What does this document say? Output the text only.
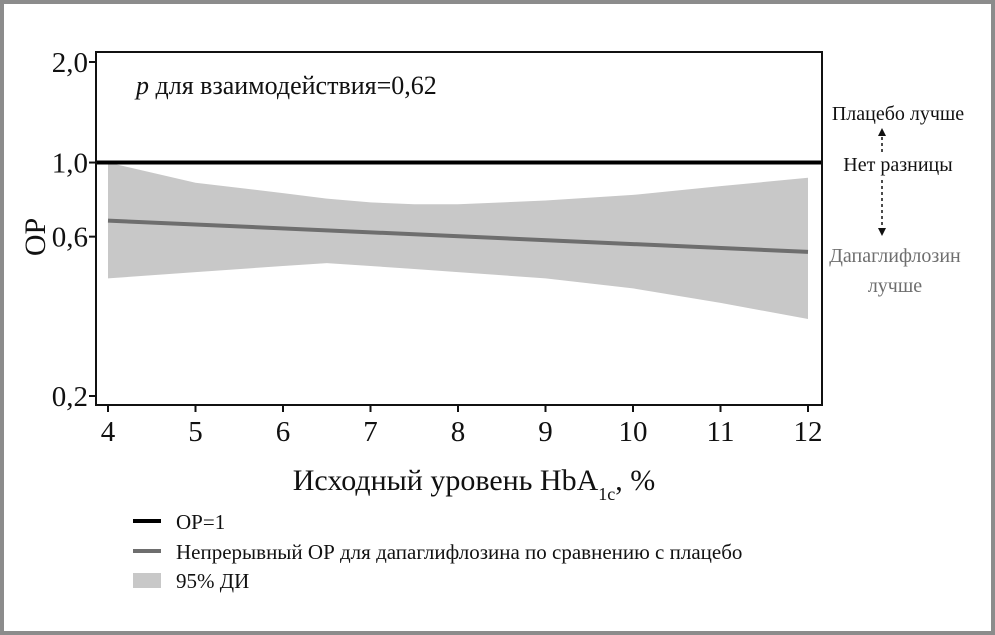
4	5	6	7	8	9 10 11 12
0,2
0,6
1,0
2,0
p для взаимодействия=0,62
ОР
Исходный уровень HbA$_{1c}$, %
Плацебо лучше
Нет разницы
Дапаглифлозин
лучше
ОР=1
Непрерывный ОР для дапаглифлозина по сравнению с плацебо
95% ДИ
